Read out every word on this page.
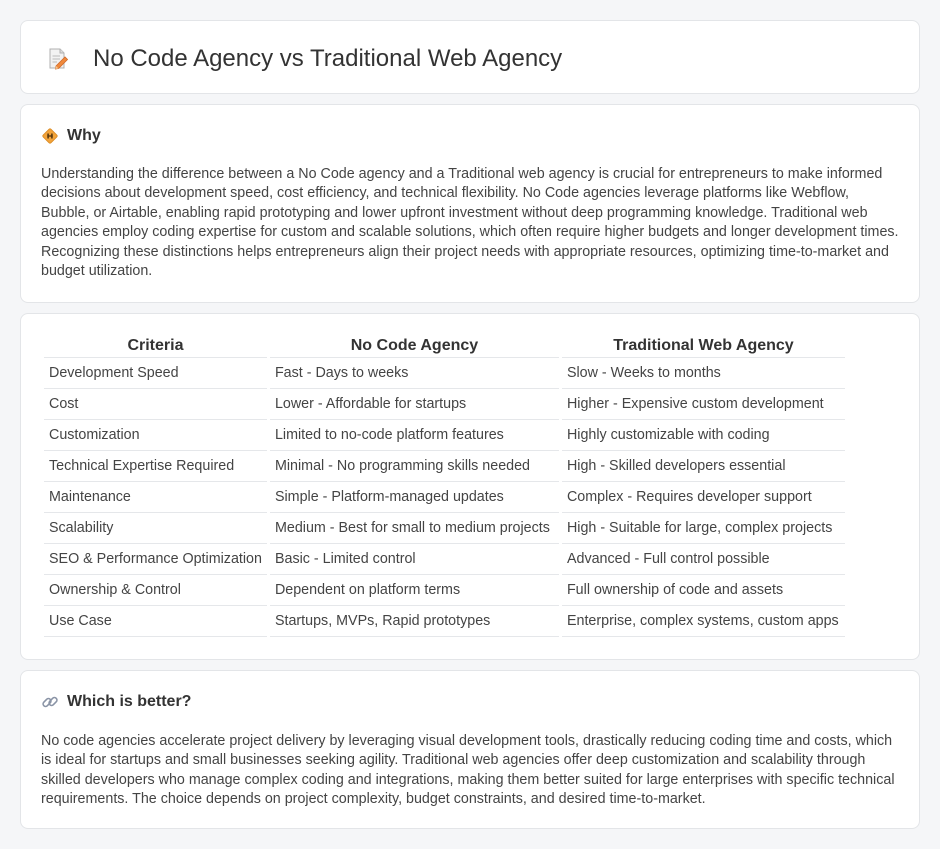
No Code Agency vs Traditional Web Agency
Why

Understanding the difference between a No Code agency and a Traditional web agency is crucial for entrepreneurs to make informed decisions about development speed, cost efficiency, and technical flexibility. No Code agencies leverage platforms like Webflow, Bubble, or Airtable, enabling rapid prototyping and lower upfront investment without deep programming knowledge. Traditional web agencies employ coding expertise for custom and scalable solutions, which often require higher budgets and longer development times. Recognizing these distinctions helps entrepreneurs align their project needs with appropriate resources, optimizing time-to-market and budget utilization.

Criteria	No Code Agency	Traditional Web Agency
Development Speed	Fast - Days to weeks	Slow - Weeks to months
Cost	Lower - Affordable for startups	Higher - Expensive custom development
Customization	Limited to no-code platform features	Highly customizable with coding
Technical Expertise Required	Minimal - No programming skills needed	High - Skilled developers essential
Maintenance	Simple - Platform-managed updates	Complex - Requires developer support
Scalability	Medium - Best for small to medium projects	High - Suitable for large, complex projects
SEO & Performance Optimization	Basic - Limited control	Advanced - Full control possible
Ownership & Control	Dependent on platform terms	Full ownership of code and assets
Use Case	Startups, MVPs, Rapid prototypes	Enterprise, complex systems, custom apps
Which is better?

No code agencies accelerate project delivery by leveraging visual development tools, drastically reducing coding time and costs, which is ideal for startups and small businesses seeking agility. Traditional web agencies offer deep customization and scalability through skilled developers who manage complex coding and integrations, making them better suited for large enterprises with specific technical requirements. The choice depends on project complexity, budget constraints, and desired time-to-market.
